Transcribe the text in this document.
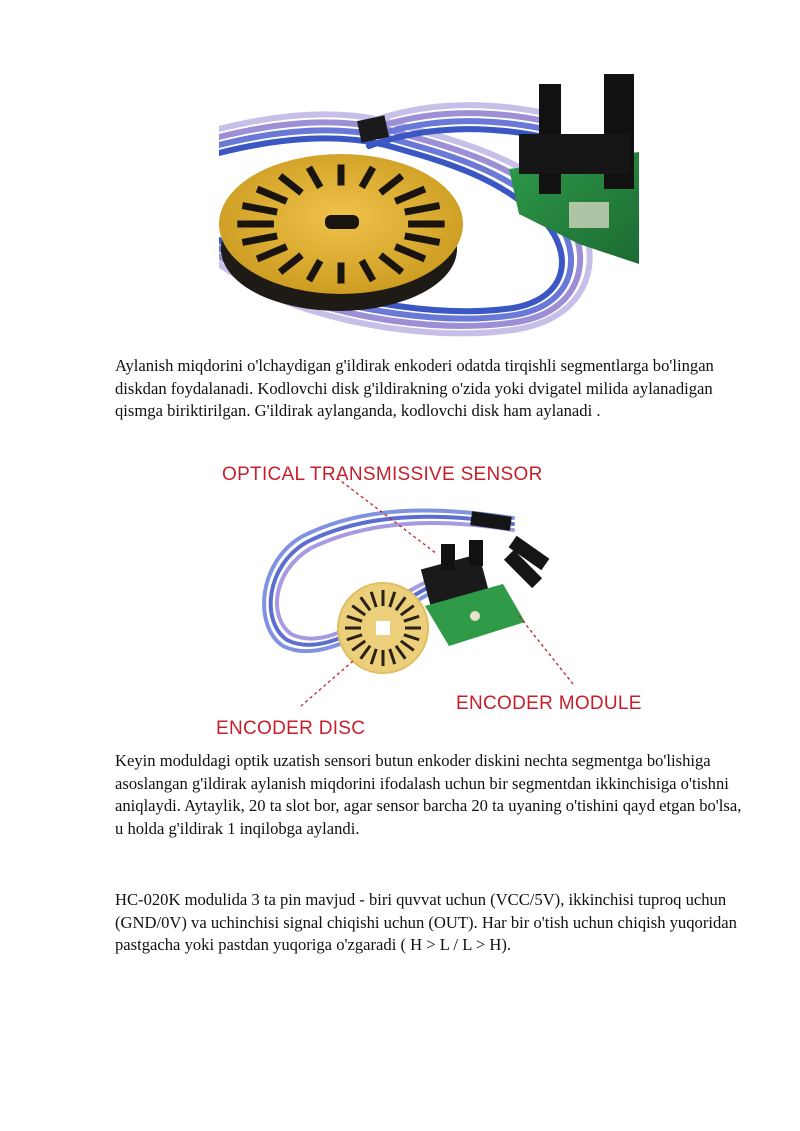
Aylanish miqdorini o'lchaydigan g'ildirak enkoderi odatda tirqishli segmentlarga bo'lingan diskdan foydalanadi. Kodlovchi disk g'ildirakning o'zida yoki dvigatel milida aylanadigan qismga biriktirilgan. G'ildirak aylanganda, kodlovchi disk ham aylanadi .

OPTICAL TRANSMISSIVE SENSOR
ENCODER MODULE
ENCODER DISC

Keyin moduldagi optik uzatish sensori butun enkoder diskini nechta segmentga bo'lishiga asoslangan g'ildirak aylanish miqdorini ifodalash uchun bir segmentdan ikkinchisiga o'tishni aniqlaydi. Aytaylik, 20 ta slot bor, agar sensor barcha 20 ta uyaning o'tishini qayd etgan bo'lsa, u holda g'ildirak 1 inqilobga aylandi.

HC-020K modulida 3 ta pin mavjud - biri quvvat uchun (VCC/5V), ikkinchisi tuproq uchun (GND/0V) va uchinchisi signal chiqishi uchun (OUT). Har bir o'tish uchun chiqish yuqoridan pastgacha yoki pastdan yuqoriga o'zgaradi ( H > L / L > H).
